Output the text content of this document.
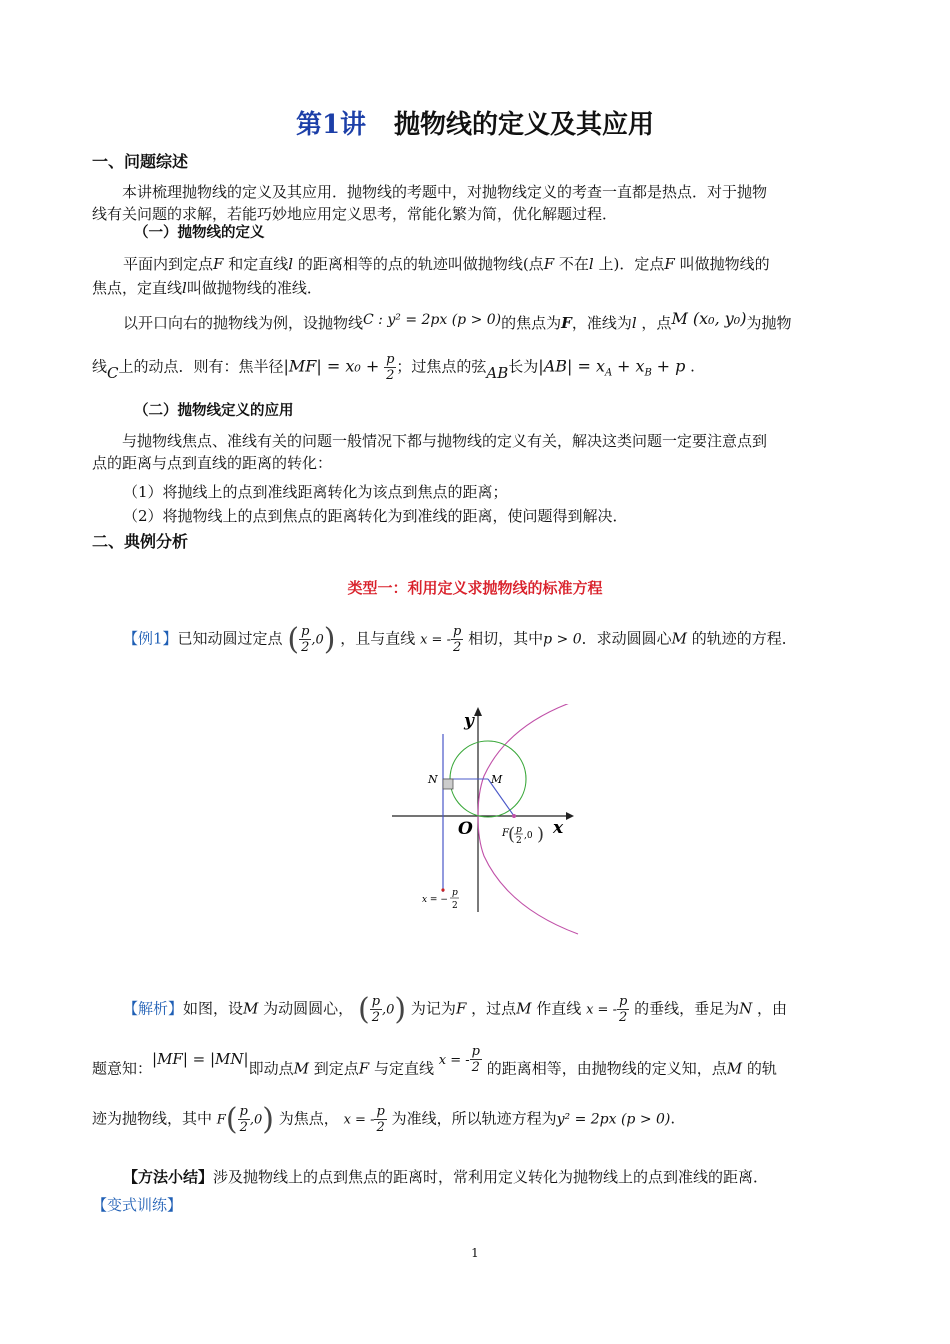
第1讲 抛物线的定义及其应用
一、问题综述
本讲梳理抛物线的定义及其应用．抛物线的考题中，对抛物线定义的考查一直都是热点．对于抛物
线有关问题的求解，若能巧妙地应用定义思考，常能化繁为简，优化解题过程．
（一）抛物线的定义
平面内到定点F 和定直线l 的距离相等的点的轨迹叫做抛物线(点F 不在l 上)．定点F 叫做抛物线的
焦点，定直线l叫做抛物线的准线．
以开口向右的抛物线为例，设抛物线C : y² = 2px (p > 0)的焦点为F，准线为l ，点M (x₀, y₀)为抛物
线C上的动点．则有：焦半径$|MF| = x_0 + \frac{p}{2}$ ；过焦点的弦AB长为$|AB| = x_A + x_B + p$ .
（二）抛物线定义的应用
与抛物线焦点、准线有关的问题一般情况下都与抛物线的定义有关，解决这类问题一定要注意点到
点的距离与点到直线的距离的转化：
（1）将抛线上的点到准线距离转化为该点到焦点的距离；
（2）将抛物线上的点到焦点的距离转化为到准线的距离，使问题得到解决．
二、典例分析
类型一：利用定义求抛物线的标准方程
【例1】已知动圆过定点 ( $\frac{p}{2} ,0$) ，且与直线 x = - $\frac{p}{2}$ 相切，其中p > 0．求动圆圆心M 的轨迹的方程．
y
x
O
N	M
F ( p
2 ,0 )
x = −
p
2
【解析】如图，设M 为动圆圆心， ( $\frac{p}{2} ,0$) 为记为F ，过点M 作直线 x = - $\frac{p}{2}$ 的垂线，垂足为N ，由
题意知：|MF| = |MN|即动点M 到定点F 与定直线 x = - $\frac{p}{2}$ 的距离相等，由抛物线的定义知，点M 的轨
迹为抛物线，其中 $F( \frac{p}{2} ,0)$ 为焦点， x = - $\frac{p}{2}$ 为准线，所以轨迹方程为y² = 2px (p > 0).
【方法小结】涉及抛物线上的点到焦点的距离时，常利用定义转化为抛物线上的点到准线的距离．
【变式训练】
1
